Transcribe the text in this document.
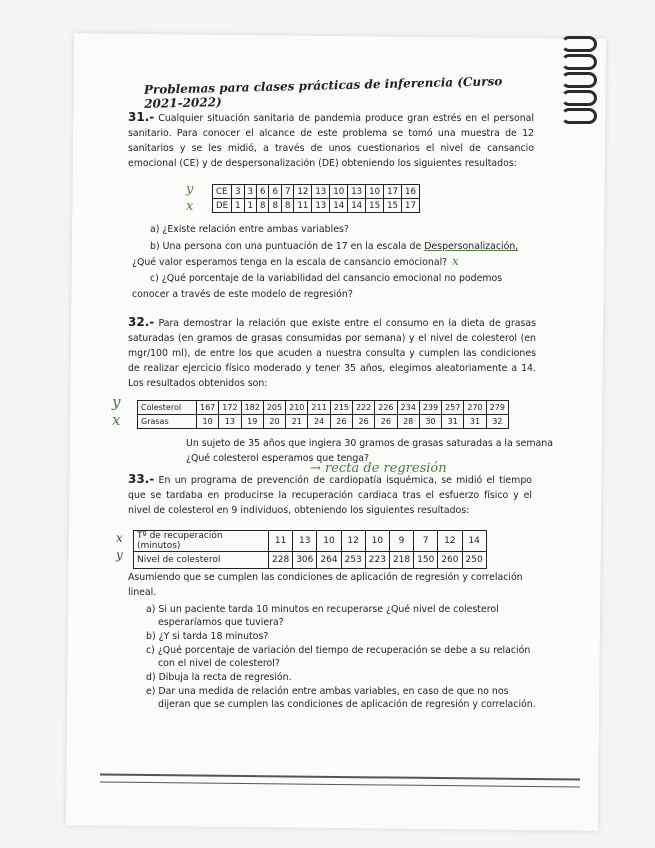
Problemas para clases prácticas de inferencia (Curso 2021-2022)
31.- Cualquier situación sanitaria de pandemia produce gran estrés en el personal sanitario. Para conocer el alcance de este problema se tomó una muestra de 12 sanitarios y se les midió, a través de unos cuestionarios el nivel de cansancio emocional (CE) y de despersonalización (DE) obteniendo los siguientes resultados:
y
x
CE	3	3	6	6	7	12	13	10	13	10	17	16
DE	1	1	8	8	8	11	13	14	14	15	15	17
a) ¿Existe relación entre ambas variables?
b) Una persona con una puntuación de 17 en la escala de Despersonalización,
¿Qué valor esperamos tenga en la escala de cansancio emocional? x
c) ¿Qué porcentaje de la variabilidad del cansancio emocional no podemos
conocer a través de este modelo de regresión?
32.- Para demostrar la relación que existe entre el consumo en la dieta de grasas saturadas (en gramos de grasas consumidas por semana) y el nivel de colesterol (en mgr/100 ml), de entre los que acuden a nuestra consulta y cumplen las condiciones de realizar ejercicio físico moderado y tener 35 años, elegimos aleatoriamente a 14. Los resultados obtenidos son:
y
x
Colesterol	167	172	182	205	210	211	215	222	226	234	239	257	270	279
Grasas	10	13	19	20	21	24	26	26	26	28	30	31	31	32
Un sujeto de 35 años que ingiera 30 gramos de grasas saturadas a la semana
¿Qué colesterol esperamos que tenga?
→ recta de regresión
33.- En un programa de prevención de cardiopatía isquémica, se midió el tiempo que se tardaba en producirse la recuperación cardiaca tras el esfuerzo físico y el nivel de colesterol en 9 individuos, obteniendo los siguientes resultados:
x
y
Tº de recuperación (minutos)	11	13	10	12	10	9	7	12	14
Nivel de colesterol	228	306	264	253	223	218	150	260	250
Asumiendo que se cumplen las condiciones de aplicación de regresión y correlación lineal.
a) Si un paciente tarda 10 minutos en recuperarse ¿Qué nivel de colesterol
esperaríamos que tuviera?
b) ¿Y si tarda 18 minutos?
c) ¿Qué porcentaje de variación del tiempo de recuperación se debe a su relación
con el nivel de colesterol?
d) Dibuja la recta de regresión.
e) Dar una medida de relación entre ambas variables, en caso de que no nos
dijeran que se cumplen las condiciones de aplicación de regresión y correlación.
